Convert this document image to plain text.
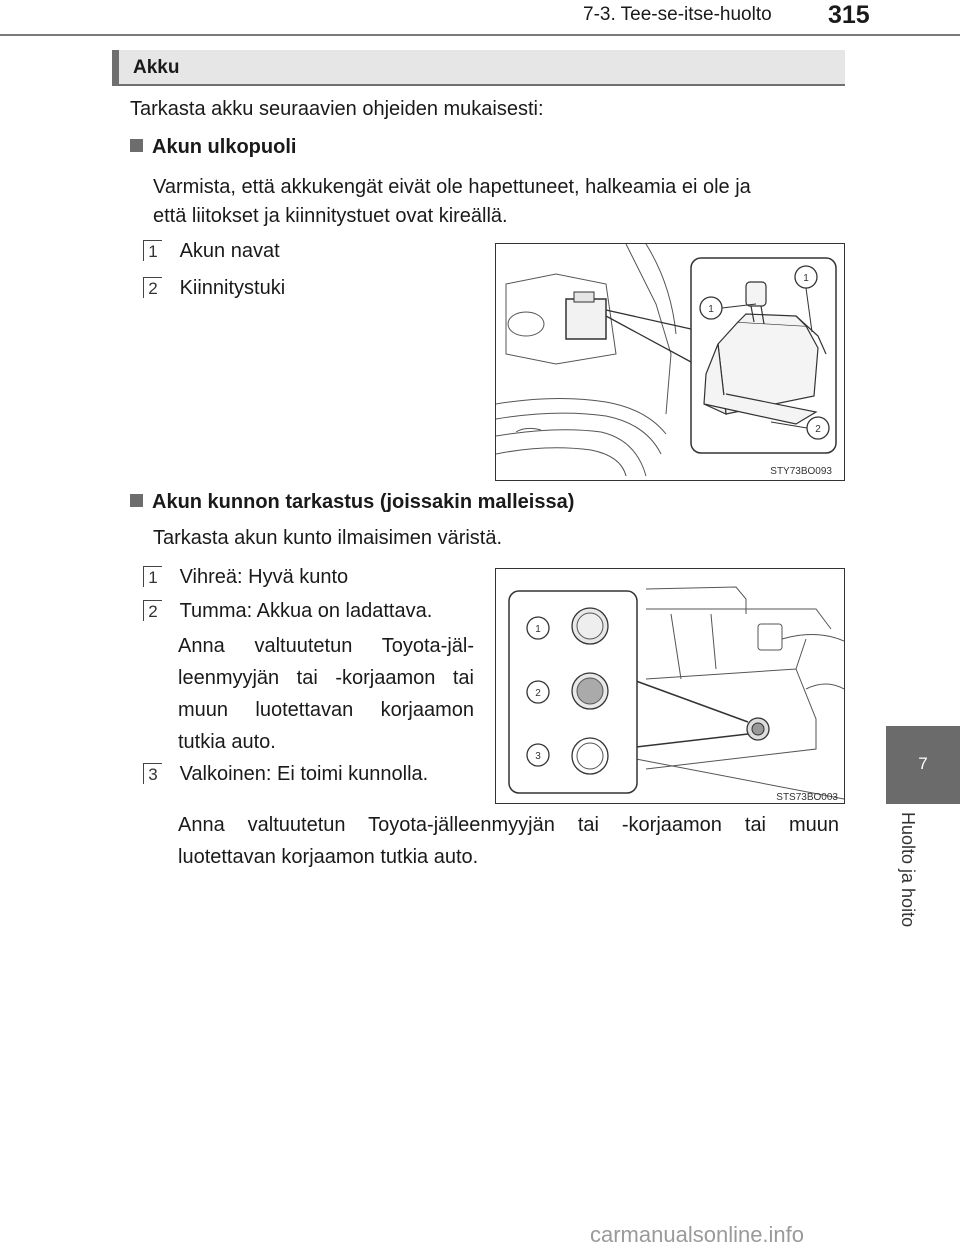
7-3. Tee-se-itse-huolto 315
Akku
Tarkasta akku seuraavien ohjeiden mukaisesti:
Akun ulkopuoli
Varmista, että akkukengät eivät ole hapettuneet, halkeamia ei ole ja
että liitokset ja kiinnitystuet ovat kireällä.
1 Akun navat
2 Kiinnitystuki	1
1
2
STY73BO093
Akun kunnon tarkastus (joissakin malleissa)
Tarkasta akun kunto ilmaisimen väristä.
1 Vihreä: Hyvä kunto
2 Tumma: Akkua on ladattava.
Anna valtuutetun Toyota-jäl-
leenmyyjän tai -korjaamon tai
muun luotettavan korjaamon
tutkia auto.
3 Valkoinen: Ei toimi kunnolla.
1
2
3
STS73BO003
Anna valtuutetun Toyota-jälleenmyyjän tai -korjaamon tai muun
luotettavan korjaamon tutkia auto.
7
Huolto ja hoito
carmanualsonline.info
